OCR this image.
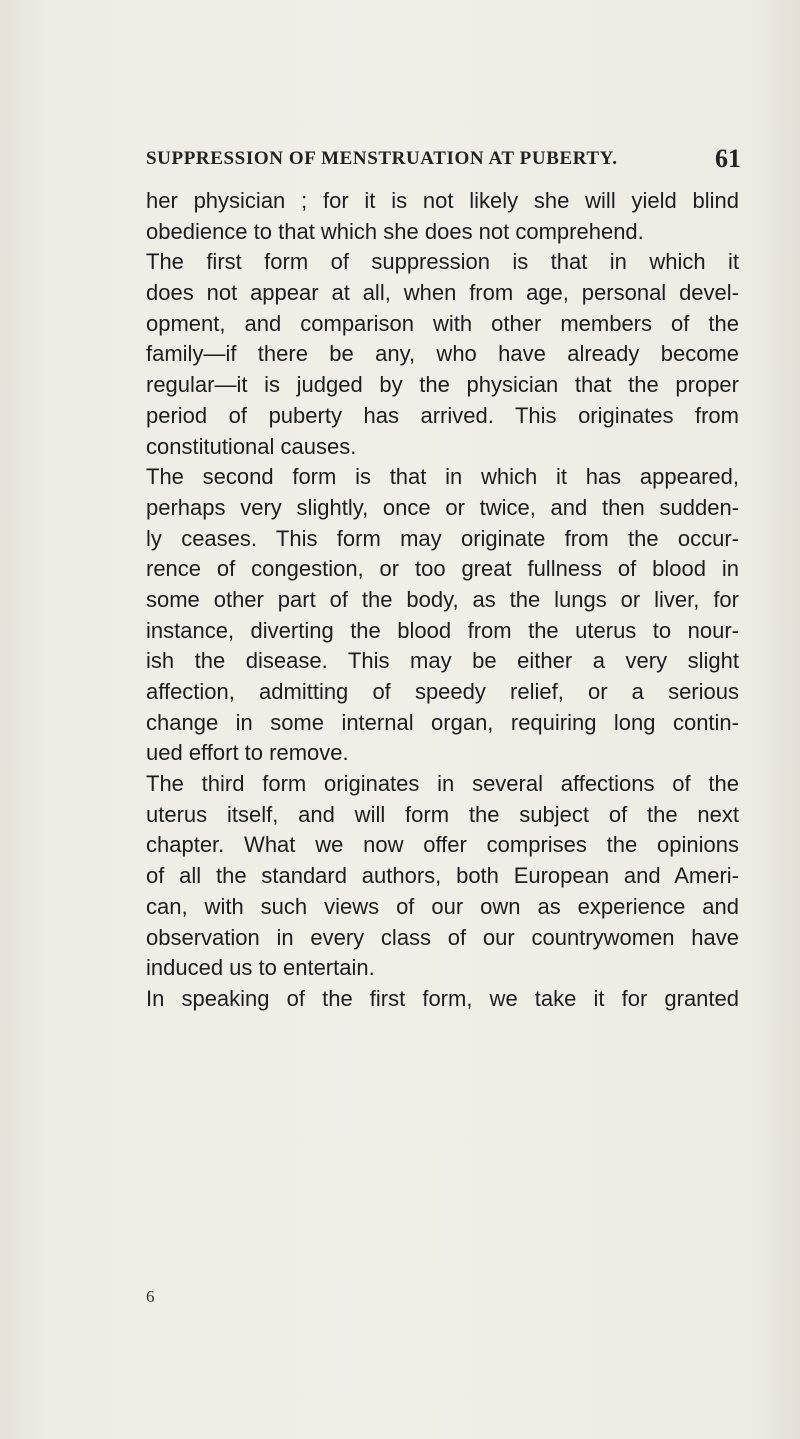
SUPPRESSION OF MENSTRUATION AT PUBERTY.	61
her physician ; for it is not likely she will yield blind
obedience to that which she does not comprehend.
The first form of suppression is that in which it
does not appear at all, when from age, personal devel-
opment, and comparison with other members of the
family—if there be any, who have already become
regular—it is judged by the physician that the proper
period of puberty has arrived. This originates from
constitutional causes.
The second form is that in which it has appeared,
perhaps very slightly, once or twice, and then sudden-
ly ceases. This form may originate from the occur-
rence of congestion, or too great fullness of blood in
some other part of the body, as the lungs or liver, for
instance, diverting the blood from the uterus to nour-
ish the disease. This may be either a very slight
affection, admitting of speedy relief, or a serious
change in some internal organ, requiring long contin-
ued effort to remove.
The third form originates in several affections of the
uterus itself, and will form the subject of the next
chapter. What we now offer comprises the opinions
of all the standard authors, both European and Ameri-
can, with such views of our own as experience and
observation in every class of our countrywomen have
induced us to entertain.
In speaking of the first form, we take it for granted
6
